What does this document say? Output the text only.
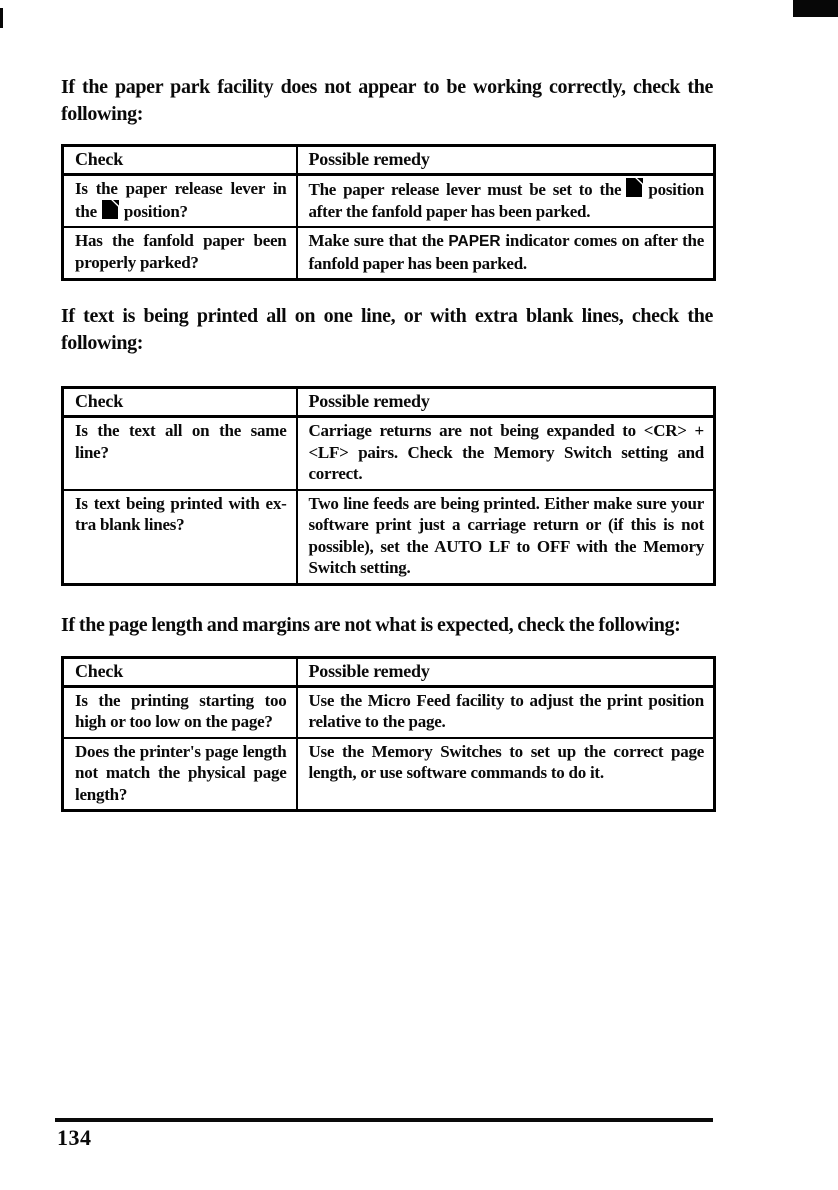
If the paper park facility does not appear to be working correctly, check the following:

Check	Possible remedy
Is the paper release lever in the position?	The paper release lever must be set to the position after the fanfold paper has been parked.
Has the fanfold paper been properly parked?	Make sure that the PAPER indicator comes on after the fanfold paper has been parked.

If text is being printed all on one line, or with extra blank lines, check the following:

Check	Possible remedy
Is the text all on the same line?	Carriage returns are not being expanded to <CR> + <LF> pairs. Check the Memory Switch setting and correct.

Is text being printed with ex-
tra blank lines?	Two line feeds are being printed. Either make sure your software print just a carriage return or (if this is not possible), set the AUTO LF to OFF with the Memory Switch setting.

If the page length and margins are not what is expected, check the following:

Check	Possible remedy
Is the printing starting too high or too low on the page?	Use the Micro Feed facility to adjust the print position relative to the page.
Does the printer's page length not match the physical page length?	Use the Memory Switches to set up the correct page length, or use software commands to do it.
134
